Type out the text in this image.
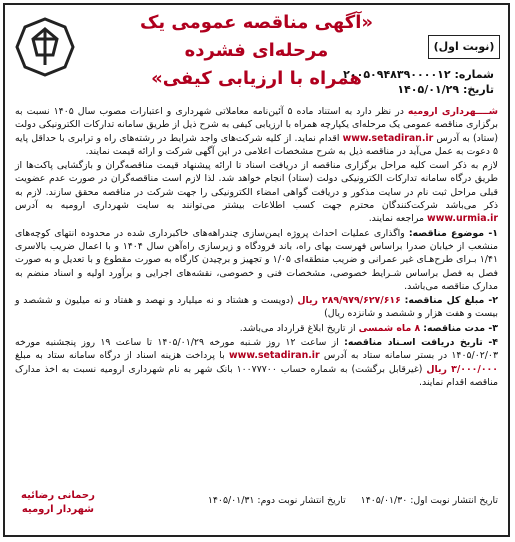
«آگهی مناقصه عمومی یک مرحله‌ای فشرده
همراه با ارزیابی کیفی»
(نوبت اول)
شماره: ۲۰۰۵۰۹۴۸۳۹۰۰۰۰۱۲
تاریخ: ۱۴۰۵/۰۱/۲۹

شــــهرداری ارومیه در نظر دارد به استناد ماده ۵ آئین‌نامه معاملاتی شهرداری و اعتبارات مصوب سال ۱۴۰۵ نسبت به برگزاری مناقصه عمومی یک مرحله‌ای یکپارچه همراه با ارزیابی کیفی به شرح ذیل از طریق سامانه تدارکات الکترونیکی دولت (ستاد) به آدرس www.setadiran.ir اقدام نماید. از کلیه شرکت‌های واجد شرایط در رشته‌های راه و ترابری با حداقل پایه ۵ دعوت به عمل می‌آید در مناقصه ذیل به شرح مشخصات اعلامی در این آگهی شرکت و ارائه قیمت نمایند.

لازم به ذکر است کلیه مراحل برگزاری مناقصه از دریافت اسناد تا ارائه پیشنهاد قیمت مناقصه‌گران و بازگشایی پاکت‌ها از طریق درگاه سامانه تدارکات الکترونیکی دولت (ستاد) انجام خواهد شد. لذا لازم است مناقصه‌گران در صورت عدم عضویت قبلی مراحل ثبت نام در سایت مذکور و دریافت گواهی امضاء الکترونیکی را جهت شرکت در مناقصه محقق سازند. لازم به ذکر می‌باشد شرکت‌کنندگان محترم جهت کسب اطلاعات بیشتر می‌توانند به سایت شهرداری ارومیه به آدرس www.urmia.ir مراجعه نمایند.

۱- موضوع مناقصه: واگذاری عملیات احداث پروژه ایمن‌سازی چندراهه‌های خاکبرداری شده در محدوده انتهای کوچه‌های منشعب از خیابان صدرا براساس فهرست بهای راه، باند فرودگاه و زیرسازی راه‌آهن سال ۱۴۰۴ و با اعمال ضریب بالاسری ۱/۴۱ بـرای طرح‌هـای غیر عمرانی و ضریب منطقه‌ای ۱/۰۵ و تجهیز و برچیدن کارگاه به صورت مقطوع و با تعدیل و به صورت فصل به فصل براساس شـرایط خصوصی، مشخصات فنی و خصوصی، نقشه‌های اجرایی و برآورد اولیه و اسناد منضم به مدارک مناقصه می‌باشد.

۲- مبلغ کل مناقصه: ۲۸۹/۹۷۹/۶۲۷/۶۱۶ ریال (دویست و هشتاد و نه میلیارد و نهصد و هفتاد و نه میلیون و ششصد و بیست و هفت هزار و ششصد و شانزده ریال)

۳- مدت مناقصه: ۸ ماه شمسی از تاریخ ابلاغ قرارداد می‌باشد.

۴- تاریخ دریافت اسـناد مناقصه: از ساعت ۱۲ روز شـنبه مورخه ۱۴۰۵/۰۱/۲۹ تا ساعت ۱۹ روز پنجشنبه مورخه ۱۴۰۵/۰۲/۰۳ در بستر سامانه ستاد به آدرس www.setadiran.ir با پرداخت هزینه اسناد از درگاه سامانه ستاد به مبلغ ۳/۰۰۰/۰۰۰ ریال (غیرقابل برگشت) به شماره حساب ۱۰۰۷۷۷۰۰ بانک شهر به نام شهرداری ارومیه نسبت به اخذ مدارک مناقصه اقدام نمایند.

تاریخ انتشار نوبت اول: ۱۴۰۵/۰۱/۳۰     تاریخ انتشار نوبت دوم: ۱۴۰۵/۰۱/۳۱
رحمانی رضائیه
شهردار ارومیه
